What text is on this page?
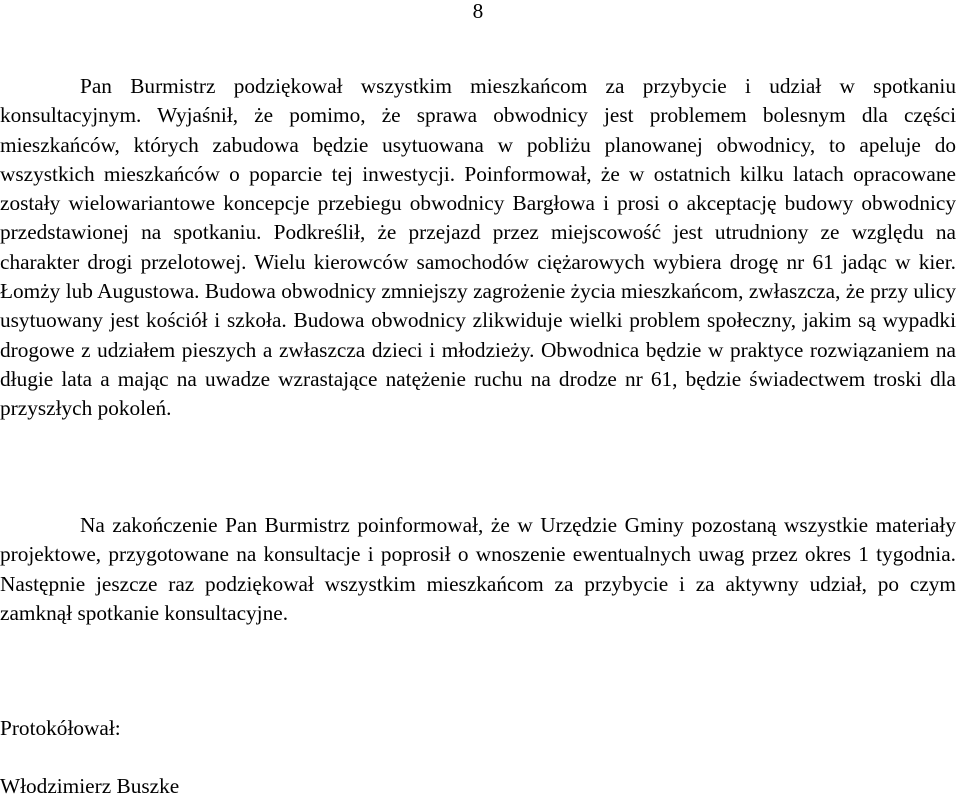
8

Pan Burmistrz podziękował wszystkim mieszkańcom za przybycie i udział w spotkaniu konsultacyjnym. Wyjaśnił, że pomimo, że sprawa obwodnicy jest problemem bolesnym dla części mieszkańców, których zabudowa będzie usytuowana w pobliżu planowanej obwodnicy, to apeluje do wszystkich mieszkańców o poparcie tej inwestycji. Poinformował, że w ostatnich kilku latach opracowane zostały wielowariantowe koncepcje przebiegu obwodnicy Bargłowa i prosi o akceptację budowy obwodnicy przedstawionej na spotkaniu. Podkreślił, że przejazd przez miejscowość jest utrudniony ze względu na charakter drogi przelotowej. Wielu kierowców samochodów ciężarowych wybiera drogę nr 61 jadąc w kier. Łomży lub Augustowa. Budowa obwodnicy zmniejszy zagrożenie życia mieszkańcom, zwłaszcza, że przy ulicy usytuowany jest kościół i szkoła. Budowa obwodnicy zlikwiduje wielki problem społeczny, jakim są wypadki drogowe z udziałem pieszych a zwłaszcza dzieci i młodzieży. Obwodnica będzie w praktyce rozwiązaniem na długie lata a mając na uwadze wzrastające natężenie ruchu na drodze nr 61, będzie świadectwem troski dla przyszłych pokoleń.

Na zakończenie Pan Burmistrz poinformował, że w Urzędzie Gminy pozostaną wszystkie materiały projektowe, przygotowane na konsultacje i poprosił o wnoszenie ewentualnych uwag przez okres 1 tygodnia. Następnie jeszcze raz podziękował wszystkim mieszkańcom za przybycie i za aktywny udział, po czym zamknął spotkanie konsultacyjne.

Protokółował:

Włodzimierz Buszke
